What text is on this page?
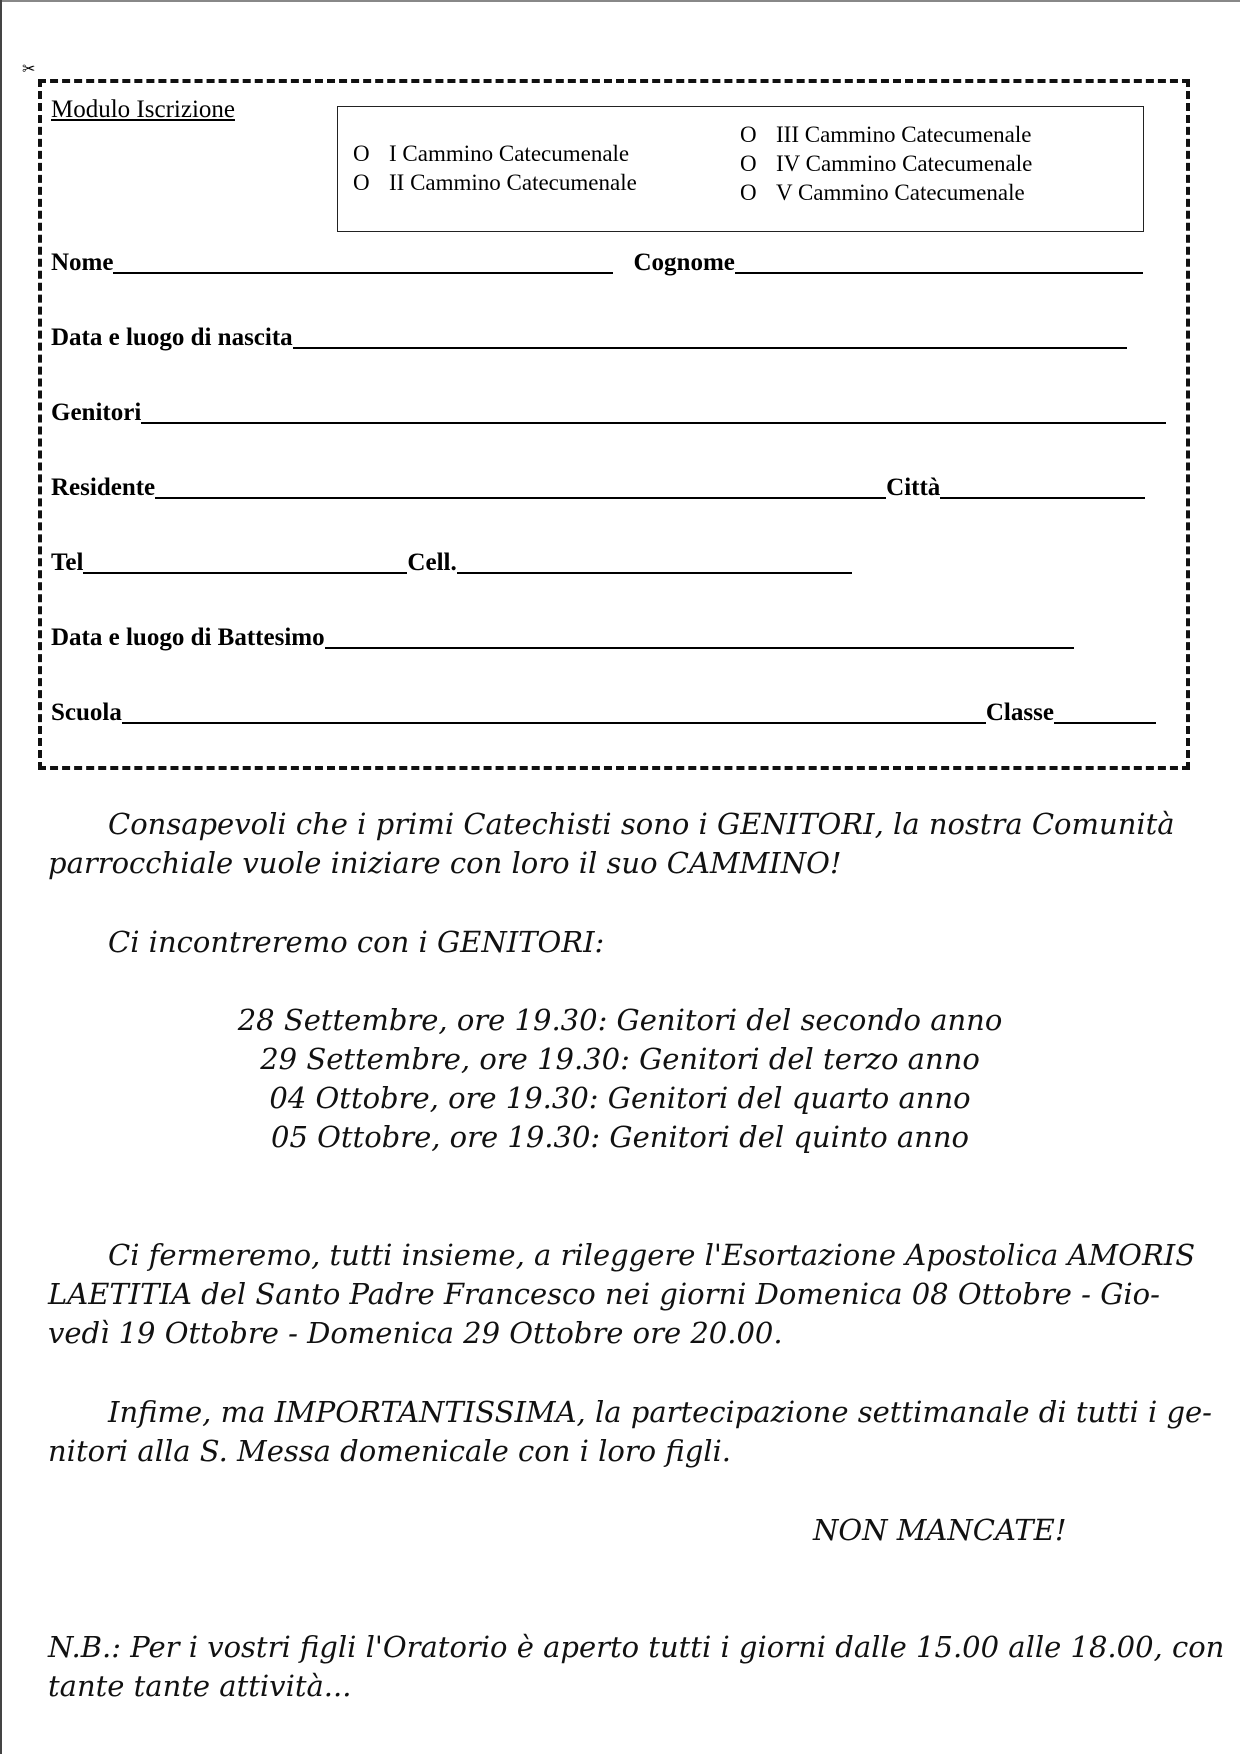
✂
Modulo Iscrizione
O I Cammino Catecumenale
O II Cammino Catecumenale
O III Cammino Catecumenale
O IV Cammino Catecumenale
O V Cammino Catecumenale
Nome	Cognome
Data e luogo di nascita
Genitori
Residente	Città
Tel	Cell.
Data e luogo di Battesimo
Scuola	Classe
Consapevoli che i primi Catechisti sono i GENITORI, la nostra Comunità
parrocchiale vuole iniziare con loro il suo CAMMINO!
Ci incontreremo con i GENITORI:
28 Settembre, ore 19.30: Genitori del secondo anno
29 Settembre, ore 19.30: Genitori del terzo anno
04 Ottobre, ore 19.30: Genitori del quarto anno
05 Ottobre, ore 19.30: Genitori del quinto anno
Ci fermeremo, tutti insieme, a rileggere l'Esortazione Apostolica AMORIS
LAETITIA del Santo Padre Francesco nei giorni Domenica 08 Ottobre - Gio-
vedì 19 Ottobre - Domenica 29 Ottobre ore 20.00.
Infime, ma IMPORTANTISSIMA, la partecipazione settimanale di tutti i ge-
nitori alla S. Messa domenicale con i loro figli.
NON MANCATE!
N.B.: Per i vostri figli l'Oratorio è aperto tutti i giorni dalle 15.00 alle 18.00, con
tante tante attività...
